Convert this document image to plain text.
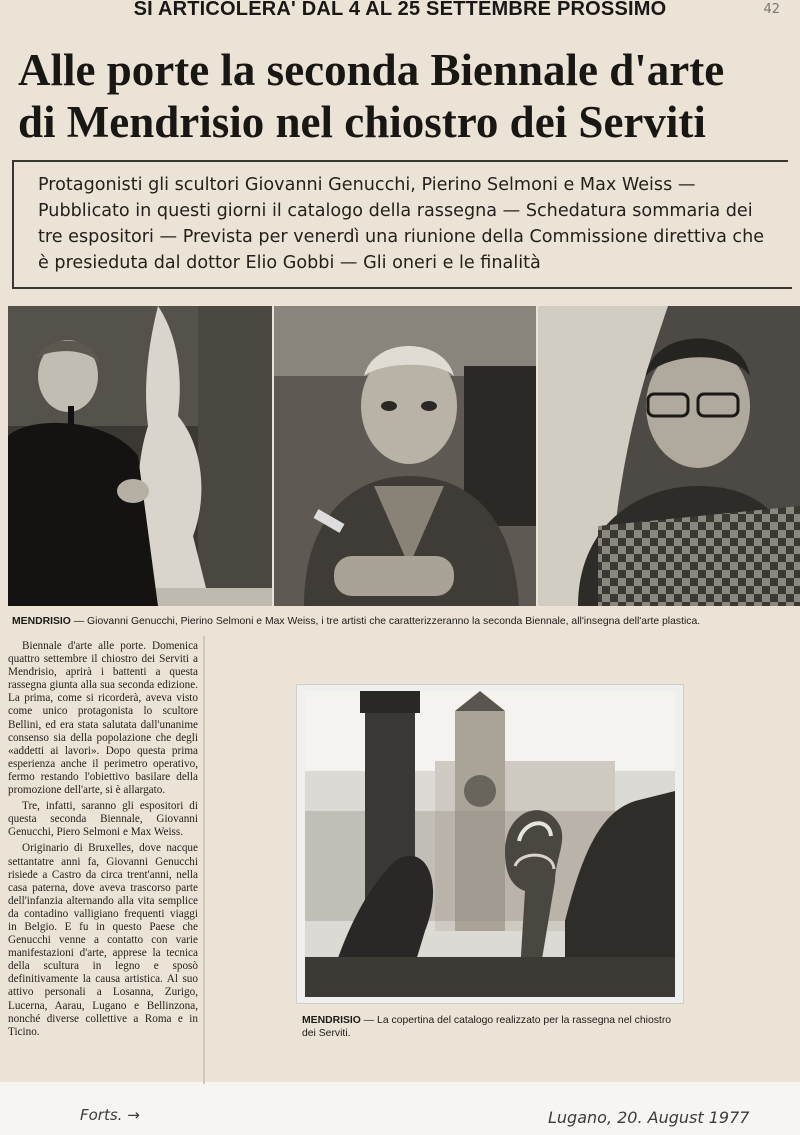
SI ARTICOLERA' DAL 4 AL 25 SETTEMBRE PROSSIMO
Alle porte la seconda Biennale d'arte
di Mendrisio nel chiostro dei Serviti
Protagonisti gli scultori Giovanni Genucchi, Pierino Selmoni e Max Weiss — Pubblicato in questi giorni il catalogo della rassegna — Schedatura sommaria dei tre espositori — Prevista per venerdì una riunione della Commissione direttiva che è presieduta dal dottor Elio Gobbi — Gli oneri e le finalità
MENDRISIO — Giovanni Genucchi, Pierino Selmoni e Max Weiss, i tre artisti che caratterizzeranno la seconda Biennale, all'insegna dell'arte plastica.

Biennale d'arte alle porte. Domenica quattro settembre il chiostro dei Serviti a Mendrisio, aprirà i battenti a questa rassegna giunta alla sua seconda edizione. La prima, come si ricorderà, aveva visto come unico protagonista lo scultore Bellini, ed era stata salutata dall'unanime consenso sia della popolazione che degli «addetti ai lavori». Dopo questa prima esperienza anche il perimetro operativo, fermo restando l'obiettivo basilare della promozione dell'arte, si è allargato.

Tre, infatti, saranno gli espositori di questa seconda Biennale, Giovanni Genucchi, Piero Selmoni e Max Weiss.

Originario di Bruxelles, dove nacque settantatre anni fa, Giovanni Genucchi risiede a Castro da circa trent'anni, nella casa paterna, dove aveva trascorso parte dell'infanzia alternando alla vita semplice da contadino valligiano frequenti viaggi in Belgio. E fu in questo Paese che Genucchi venne a contatto con varie manifestazioni d'arte, apprese la tecnica della scultura in legno e sposò definitivamente la causa artistica. Al suo attivo personali a Losanna, Zurigo, Lucerna, Aarau, Lugano e Bellinzona, nonché diverse collettive a Roma e in Ticino.

MENDRISIO — La copertina del catalogo realizzato per la rassegna nel chiostro dei Serviti.
42
Forts. →	Lugano, 20. August 1977
